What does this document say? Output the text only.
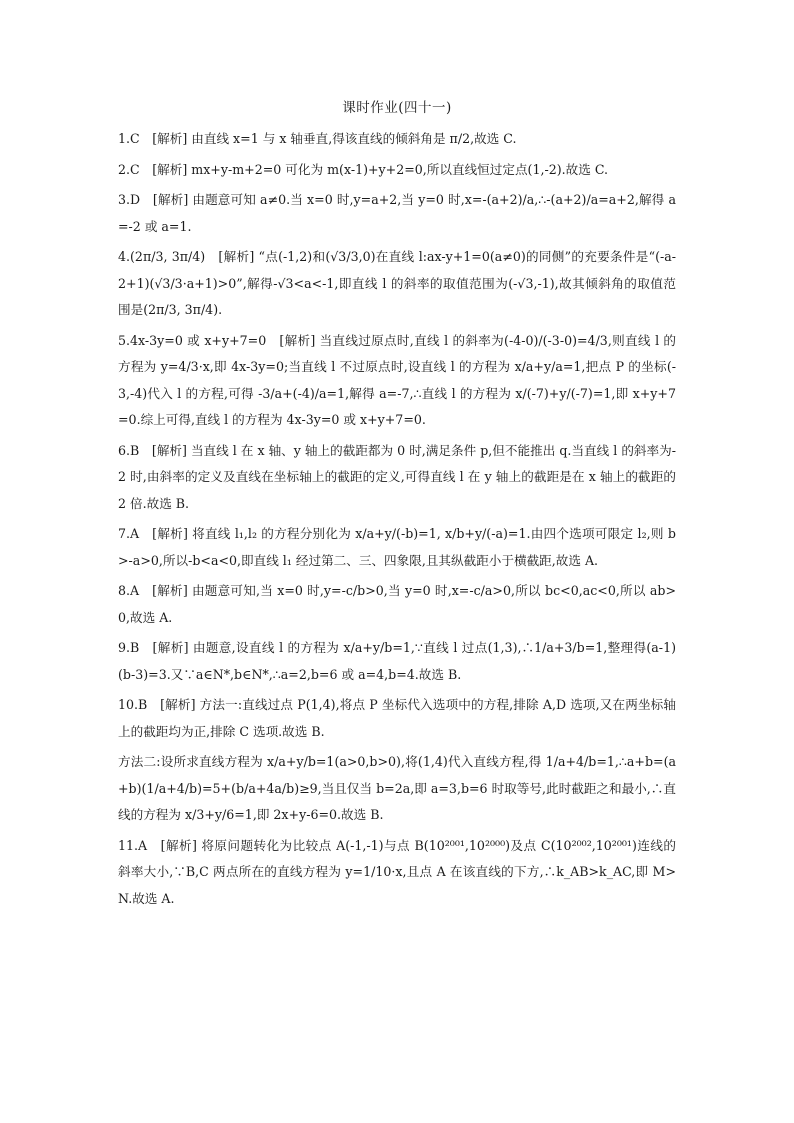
课时作业(四十一)

1.C　[解析] 由直线 x=1 与 x 轴垂直,得该直线的倾斜角是 π/2,故选 C.

2.C　[解析] mx+y-m+2=0 可化为 m(x-1)+y+2=0,所以直线恒过定点(1,-2).故选 C.

3.D　[解析] 由题意可知 a≠0.当 x=0 时,y=a+2,当 y=0 时,x=-(a+2)/a,∴-(a+2)/a=a+2,解得 a=-2 或 a=1.

4.(2π/3, 3π/4)　[解析] “点(-1,2)和(√3/3,0)在直线 l:ax-y+1=0(a≠0)的同侧”的充要条件是“(-a-2+1)(√3/3·a+1)>0”,解得-√3<a<-1,即直线 l 的斜率的取值范围为(-√3,-1),故其倾斜角的取值范围是(2π/3, 3π/4).

5.4x-3y=0 或 x+y+7=0　[解析] 当直线过原点时,直线 l 的斜率为(-4-0)/(-3-0)=4/3,则直线 l 的方程为 y=4/3·x,即 4x-3y=0;当直线 l 不过原点时,设直线 l 的方程为 x/a+y/a=1,把点 P 的坐标(-3,-4)代入 l 的方程,可得 -3/a+(-4)/a=1,解得 a=-7,∴直线 l 的方程为 x/(-7)+y/(-7)=1,即 x+y+7=0.综上可得,直线 l 的方程为 4x-3y=0 或 x+y+7=0.

6.B　[解析] 当直线 l 在 x 轴、y 轴上的截距都为 0 时,满足条件 p,但不能推出 q.当直线 l 的斜率为-2 时,由斜率的定义及直线在坐标轴上的截距的定义,可得直线 l 在 y 轴上的截距是在 x 轴上的截距的 2 倍.故选 B.

7.A　[解析] 将直线 l₁,l₂ 的方程分别化为 x/a+y/(-b)=1, x/b+y/(-a)=1.由四个选项可限定 l₂,则 b>-a>0,所以-b<a<0,即直线 l₁ 经过第二、三、四象限,且其纵截距小于横截距,故选 A.

8.A　[解析] 由题意可知,当 x=0 时,y=-c/b>0,当 y=0 时,x=-c/a>0,所以 bc<0,ac<0,所以 ab>0,故选 A.

9.B　[解析] 由题意,设直线 l 的方程为 x/a+y/b=1,∵直线 l 过点(1,3),∴1/a+3/b=1,整理得(a-1)(b-3)=3.又∵a∈N*,b∈N*,∴a=2,b=6 或 a=4,b=4.故选 B.

10.B　[解析] 方法一:直线过点 P(1,4),将点 P 坐标代入选项中的方程,排除 A,D 选项,又在两坐标轴上的截距均为正,排除 C 选项.故选 B.

方法二:设所求直线方程为 x/a+y/b=1(a>0,b>0),将(1,4)代入直线方程,得 1/a+4/b=1,∴a+b=(a+b)(1/a+4/b)=5+(b/a+4a/b)≥9,当且仅当 b=2a,即 a=3,b=6 时取等号,此时截距之和最小,∴直线的方程为 x/3+y/6=1,即 2x+y-6=0.故选 B.

11.A　[解析] 将原问题转化为比较点 A(-1,-1)与点 B(10²⁰⁰¹,10²⁰⁰⁰)及点 C(10²⁰⁰²,10²⁰⁰¹)连线的斜率大小,∵B,C 两点所在的直线方程为 y=1/10·x,且点 A 在该直线的下方,∴k_AB>k_AC,即 M>N.故选 A.
